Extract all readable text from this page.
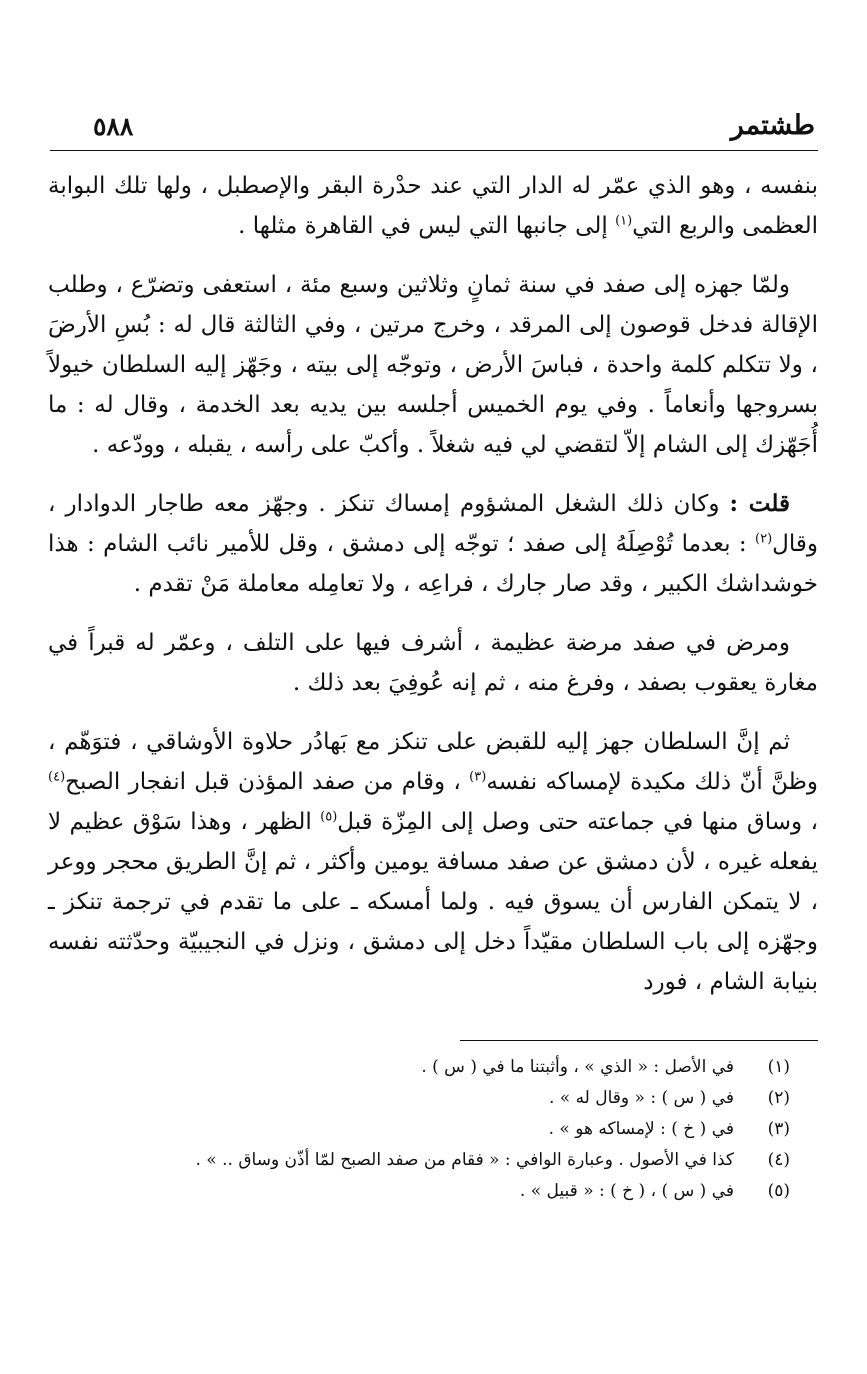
طشتمر
٥٨٨

بنفسه ، وهو الذي عمّر له الدار التي عند حدْرة البقر والإصطبل ، ولها تلك البوابة العظمى والربع التي$^{(١)}$ إلى جانبها التي ليس في القاهرة مثلها .

ولمّا جهزه إلى صفد في سنة ثمانٍ وثلاثين وسبع مئة ، استعفى وتضرّع ، وطلب الإقالة فدخل قوصون إلى المرقد ، وخرج مرتين ، وفي الثالثة قال له : بُسِ الأرضَ ، ولا تتكلم كلمة واحدة ، فباسَ الأرض ، وتوجّه إلى بيته ، وجَهّز إليه السلطان خيولاً بسروجها وأنعاماً . وفي يوم الخميس أجلسه بين يديه بعد الخدمة ، وقال له : ما أُجَهّزك إلى الشام إلاّ لتقضي لي فيه شغلاً . وأكبّ على رأسه ، يقبله ، وودّعه .

قلت : وكان ذلك الشغل المشؤوم إمساك تنكز . وجهّز معه طاجار الدوادار ، وقال$^{(٢)}$ : بعدما تُوْصِلَهُ إلى صفد ؛ توجّه إلى دمشق ، وقل للأمير نائب الشام : هذا خوشداشك الكبير ، وقد صار جارك ، فراعِه ، ولا تعامِله معاملة مَنْ تقدم .

ومرض في صفد مرضة عظيمة ، أشرف فيها على التلف ، وعمّر له قبراً في مغارة يعقوب بصفد ، وفرغ منه ، ثم إنه عُوفِيَ بعد ذلك .

ثم إنَّ السلطان جهز إليه للقبض على تنكز مع بَهادُر حلاوة الأوشاقي ، فتوَهّم ، وظنَّ أنّ ذلك مكيدة لإمساكه نفسه$^{(٣)}$ ، وقام من صفد المؤذن قبل انفجار الصبح$^{(٤)}$ ، وساق منها في جماعته حتى وصل إلى المِزّة قبل$^{(٥)}$ الظهر ، وهذا سَوْق عظيم لا يفعله غيره ، لأن دمشق عن صفد مسافة يومين وأكثر ، ثم إنَّ الطريق محجر ووعر ، لا يتمكن الفارس أن يسوق فيه . ولما أمسكه ـ على ما تقدم في ترجمة تنكز ـ وجهّزه إلى باب السلطان مقيّداً دخل إلى دمشق ، ونزل في النجيبيّة وحدّثته نفسه بنيابة الشام ، فورد

(١)في الأصل : « الذي » ، وأثبتنا ما في ( س ) .
(٢)في ( س ) : « وقال له » .
(٣)في ( خ ) : لإمساكه هو » .
(٤)كذا في الأصول . وعبارة الوافي : « فقام من صفد الصبح لمّا أذّن وساق .. » .
(٥)في ( س ) ، ( خ ) : « قبيل » .
